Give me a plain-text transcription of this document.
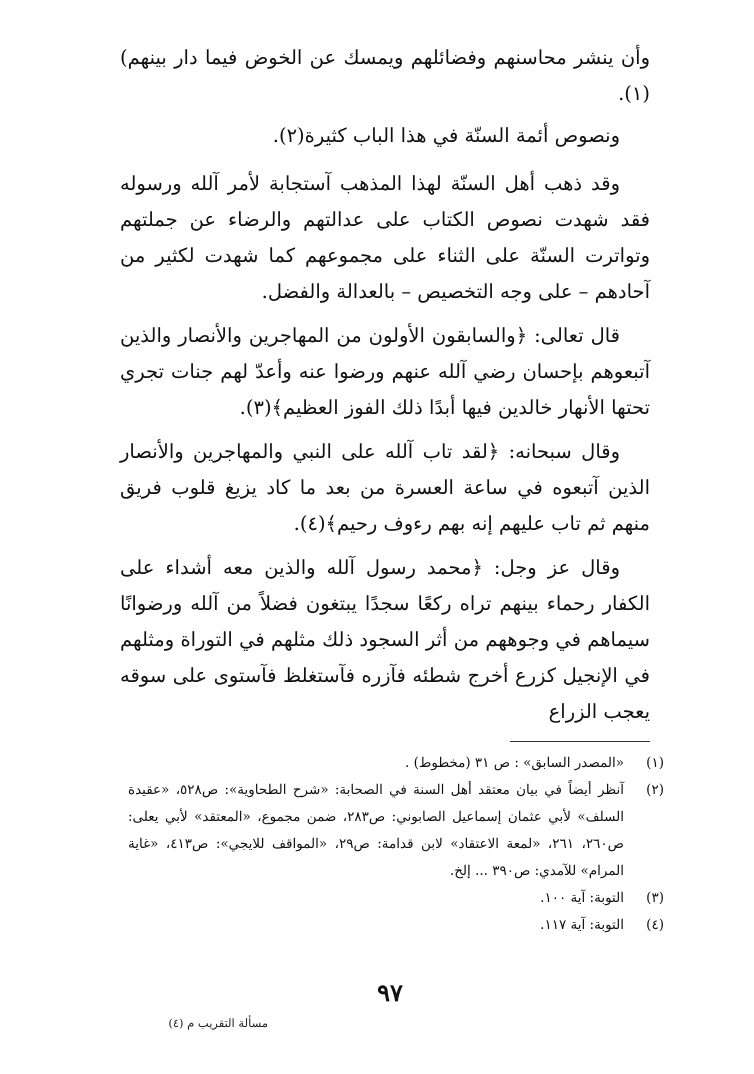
وأن ينشر محاسنهم وفضائلهم ويمسك عن الخوض فيما دار بينهم)(١).

ونصوص أئمة السنّة في هذا الباب كثيرة(٢).

وقد ذهب أهل السنّة لهذا المذهب آستجابة لأمر آلله ورسوله فقد شهدت نصوص الكتاب على عدالتهم والرضاء عن جملتهم وتواترت السنّة على الثناء على مجموعهم كما شهدت لكثير من آحادهم – على وجه التخصيص – بالعدالة والفضل.

قال تعالى: ﴿والسابقون الأولون من المهاجرين والأنصار والذين آتبعوهم بإحسان رضي آلله عنهم ورضوا عنه وأعدّ لهم جنات تجري تحتها الأنهار خالدين فيها أبدًا ذلك الفوز العظيم﴾(٣).

وقال سبحانه: ﴿لقد تاب آلله على النبي والمهاجرين والأنصار الذين آتبعوه في ساعة العسرة من بعد ما كاد يزيغ قلوب فريق منهم ثم تاب عليهم إنه بهم رءوف رحيم﴾(٤).

وقال عز وجل: ﴿محمد رسول آلله والذين معه أشداء على الكفار رحماء بينهم تراه ركعًا سجدًا يبتغون فضلاً من آلله ورضوانًا سيماهم في وجوههم من أثر السجود ذلك مثلهم في التوراة ومثلهم في الإنجيل كزرع أخرج شطئه فآزره فآستغلظ فآستوى على سوقه يعجب الزراع

(١)
«المصدر السابق» : ص ٣١ (مخطوط) .
(٢)
آنظر أيضاً في بيان معتقد أهل السنة في الصحابة: «شرح الطحاوية»: ص٥٢٨، «عقيدة السلف» لأبي عثمان إسماعيل الصابوني: ص٢٨٣، ضمن مجموع، «المعتقد» لأبي يعلى: ص٢٦٠، ٢٦١، «لمعة الاعتقاد» لابن قدامة: ص٢٩، «المواقف للايجي»: ص٤١٣، «غاية المرام» للآمدي: ص٣٩٠ ... إلخ.
(٣)
التوبة: آية ١٠٠.
(٤)
التوبة: آية ١١٧.
٩٧
مسألة التقريب م (٤)
